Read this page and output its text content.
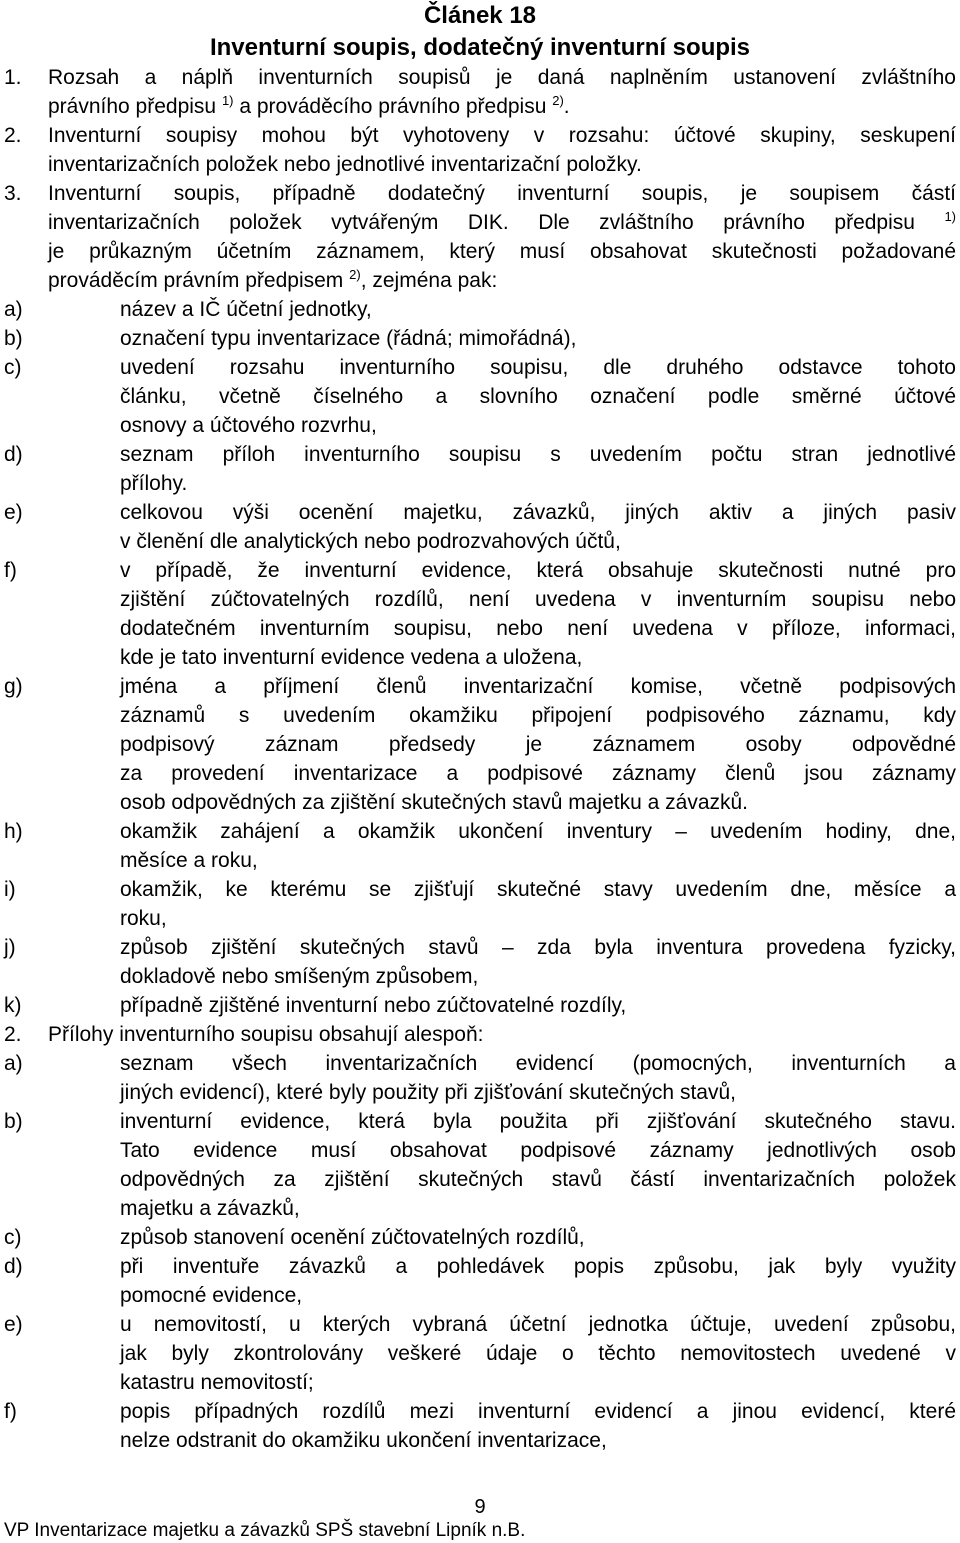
Článek 18
Inventurní soupis, dodatečný inventurní soupis
1. Rozsah a náplň inventurních soupisů je daná naplněním ustanovení zvláštního
právního předpisu $^{1)}$ a prováděcího právního předpisu $^{2)}$.
2. Inventurní soupisy mohou být vyhotoveny v rozsahu: účtové skupiny, seskupení
inventarizačních položek nebo jednotlivé inventarizační položky.
3. Inventurní soupis, případně dodatečný inventurní soupis, je soupisem částí
inventarizačních položek vytvářeným DIK. Dle zvláštního právního předpisu $^{1)}$
je průkazným účetním záznamem, který musí obsahovat skutečnosti požadované
prováděcím právním předpisem $^{2)}$, zejména pak:
a)	název a IČ účetní jednotky,
b)	označení typu inventarizace (řádná; mimořádná),
c)	uvedení rozsahu inventurního soupisu, dle druhého odstavce tohoto
článku, včetně číselného a slovního označení podle směrné účtové
osnovy a účtového rozvrhu,
d)	seznam příloh inventurního soupisu s uvedením počtu stran jednotlivé
přílohy.
e)	celkovou výši ocenění majetku, závazků, jiných aktiv a jiných pasiv
v členění dle analytických nebo podrozvahových účtů,
f)	v případě, že inventurní evidence, která obsahuje skutečnosti nutné pro
zjištění zúčtovatelných rozdílů, není uvedena v inventurním soupisu nebo
dodatečném inventurním soupisu, nebo není uvedena v příloze, informaci,
kde je tato inventurní evidence vedena a uložena,
g)	jména a příjmení členů inventarizační komise, včetně podpisových
záznamů s uvedením okamžiku připojení podpisového záznamu, kdy
podpisový záznam předsedy je záznamem osoby odpovědné
za provedení inventarizace a podpisové záznamy členů jsou záznamy
osob odpovědných za zjištění skutečných stavů majetku a závazků.
h)	okamžik zahájení a okamžik ukončení inventury – uvedením hodiny, dne,
měsíce a roku,
i)	okamžik, ke kterému se zjišťují skutečné stavy uvedením dne, měsíce a
roku,
j)	způsob zjištění skutečných stavů – zda byla inventura provedena fyzicky,
dokladově nebo smíšeným způsobem,
k)	případně zjištěné inventurní nebo zúčtovatelné rozdíly,
2. Přílohy inventurního soupisu obsahují alespoň:
a)	seznam všech inventarizačních evidencí (pomocných, inventurních a
jiných evidencí), které byly použity při zjišťování skutečných stavů,
b)	inventurní evidence, která byla použita při zjišťování skutečného stavu.
Tato evidence musí obsahovat podpisové záznamy jednotlivých osob
odpovědných za zjištění skutečných stavů částí inventarizačních položek
majetku a závazků,
c)	způsob stanovení ocenění zúčtovatelných rozdílů,
d)	při inventuře závazků a pohledávek popis způsobu, jak byly využity
pomocné evidence,
e)	u nemovitostí, u kterých vybraná účetní jednotka účtuje, uvedení způsobu,
jak byly zkontrolovány veškeré údaje o těchto nemovitostech uvedené v
katastru nemovitostí;
f)	popis případných rozdílů mezi inventurní evidencí a jinou evidencí, které
nelze odstranit do okamžiku ukončení inventarizace,
9
VP Inventarizace majetku a závazků SPŠ stavební Lipník n.B.
